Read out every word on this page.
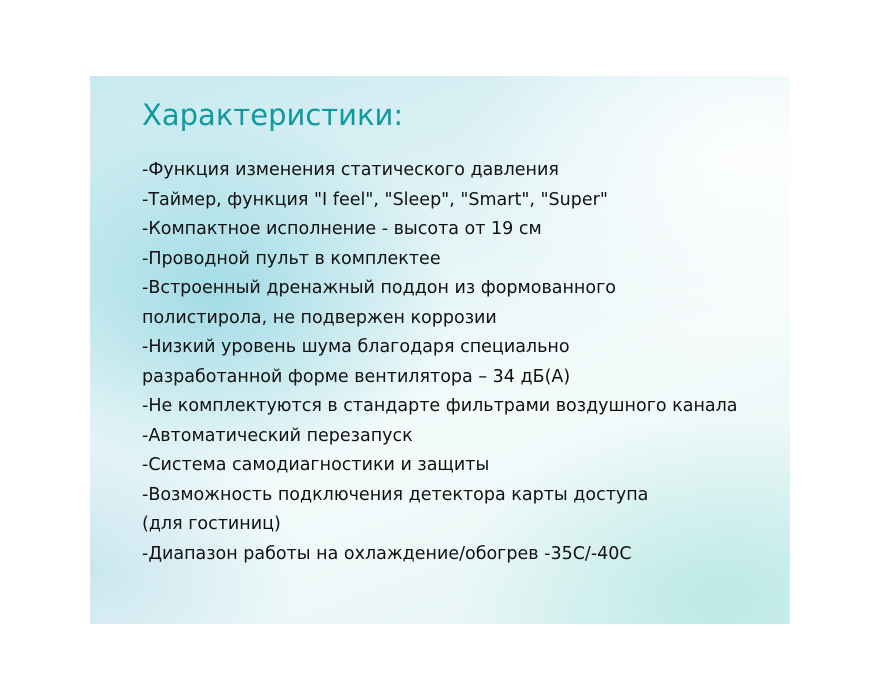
Характеристики:
-Функция изменения статического давления
-Таймер, функция "I feel", "Sleep", "Smart", "Super"
-Компактное исполнение - высота от 19 см
-Проводной пульт в комплектее
-Встроенный дренажный поддон из формованного
полистирола, не подвержен коррозии
-Низкий уровень шума благодаря специально
разработанной форме вентилятора – 34 дБ(А)
-Не комплектуются в стандарте фильтрами воздушного канала
-Автоматический перезапуск
-Система самодиагностики и защиты
-Возможность подключения детектора карты доступа
(для гостиниц)
-Диапазон работы на охлаждение/обогрев -35С/-40С
